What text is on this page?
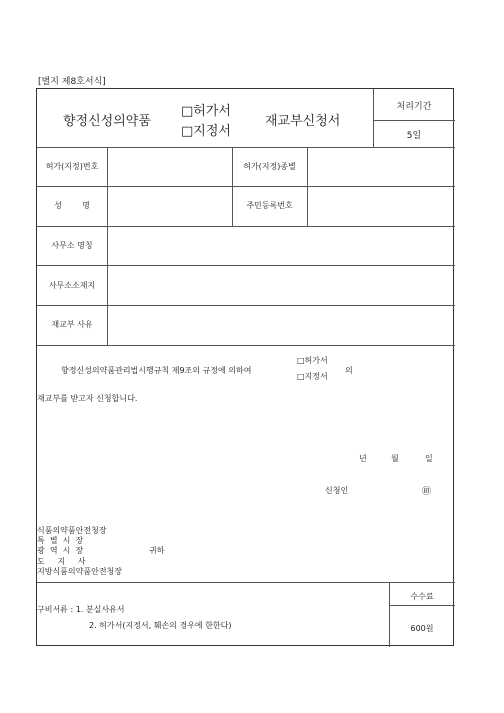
[별지 제8호서식]
향정신성의약품
□허가서
□지정서
재교부신청서
처리기간
5일
허가(지정)번호	허가(지정)종별
성        명	주민등록번호
사무소 명칭
사무소소재지
재교부 사유
향정신성의약품관리법시행규칙 제9조의 규정에 의하여
□허가서
□지정서
의
재교부를 받고자 신청합니다.
년	월	일
신청인	㊞
식품의약품안전청장
특  별  시  장
광  역  시  장	귀하
도     지     사
지방식품의약품안전청장
구비서류 : 1. 분실사유서
2. 허가서(지정서, 훼손의 경우에 한한다)
수수료
600원
